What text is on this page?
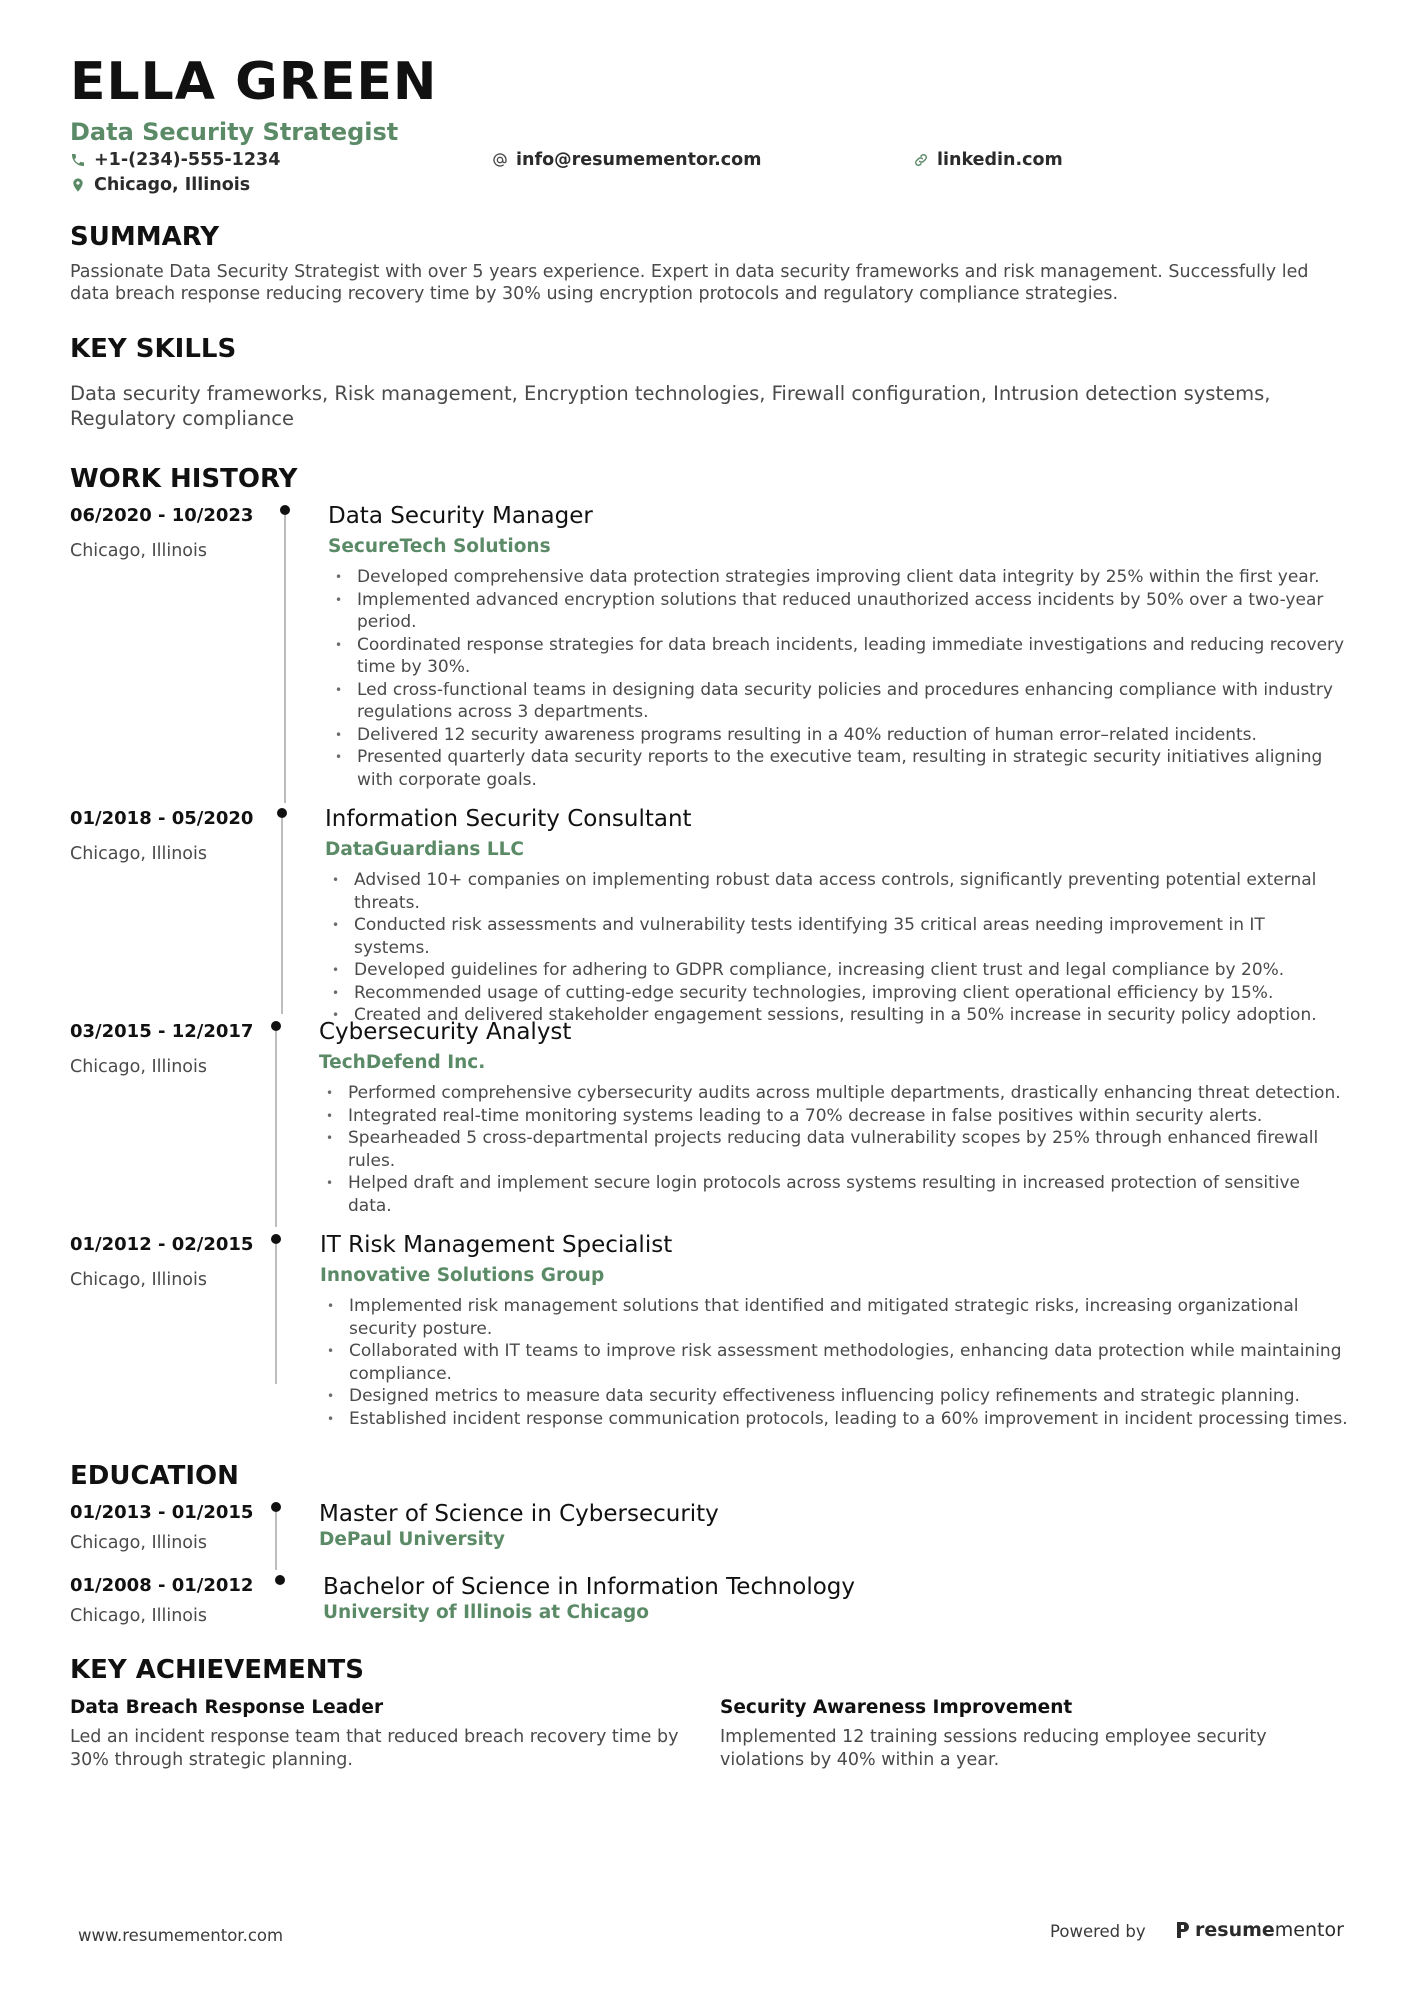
ELLA GREEN
Data Security Strategist
+1-(234)-555-1234	info@resumementor.com	linkedin.com
Chicago, Illinois
SUMMARY
Passionate Data Security Strategist with over 5 years experience. Expert in data security frameworks and risk management. Successfully led data breach response reducing recovery time by 30% using encryption protocols and regulatory compliance strategies.
KEY SKILLS
Data security frameworks, Risk management, Encryption technologies, Firewall configuration, Intrusion detection systems, Regulatory compliance
WORK HISTORY
06/2020 - 10/2023
Chicago, Illinois
Data Security Manager
SecureTech Solutions
• Developed comprehensive data protection strategies improving client data integrity by 25% within the first year.
• Implemented advanced encryption solutions that reduced unauthorized access incidents by 50% over a two-year period.
• Coordinated response strategies for data breach incidents, leading immediate investigations and reducing recovery time by 30%.
• Led cross-functional teams in designing data security policies and procedures enhancing compliance with industry regulations across 3 departments.
• Delivered 12 security awareness programs resulting in a 40% reduction of human error–related incidents.
• Presented quarterly data security reports to the executive team, resulting in strategic security initiatives aligning with corporate goals.
01/2018 - 05/2020
Chicago, Illinois
Information Security Consultant
DataGuardians LLC
• Advised 10+ companies on implementing robust data access controls, significantly preventing potential external threats.
• Conducted risk assessments and vulnerability tests identifying 35 critical areas needing improvement in IT systems.
• Developed guidelines for adhering to GDPR compliance, increasing client trust and legal compliance by 20%.
• Recommended usage of cutting-edge security technologies, improving client operational efficiency by 15%.
• Created and delivered stakeholder engagement sessions, resulting in a 50% increase in security policy adoption.
03/2015 - 12/2017
Chicago, Illinois
Cybersecurity Analyst
TechDefend Inc.
• Performed comprehensive cybersecurity audits across multiple departments, drastically enhancing threat detection.
• Integrated real-time monitoring systems leading to a 70% decrease in false positives within security alerts.
• Spearheaded 5 cross-departmental projects reducing data vulnerability scopes by 25% through enhanced firewall rules.
• Helped draft and implement secure login protocols across systems resulting in increased protection of sensitive data.
01/2012 - 02/2015
Chicago, Illinois
IT Risk Management Specialist
Innovative Solutions Group
• Implemented risk management solutions that identified and mitigated strategic risks, increasing organizational security posture.
• Collaborated with IT teams to improve risk assessment methodologies, enhancing data protection while maintaining compliance.
• Designed metrics to measure data security effectiveness influencing policy refinements and strategic planning.
• Established incident response communication protocols, leading to a 60% improvement in incident processing times.
EDUCATION
01/2013 - 01/2015
Chicago, Illinois
Master of Science in Cybersecurity
DePaul University
01/2008 - 01/2012
Chicago, Illinois
Bachelor of Science in Information Technology
University of Illinois at Chicago
KEY ACHIEVEMENTS
Data Breach Response Leader
Led an incident response team that reduced breach recovery time by 30% through strategic planning.
Security Awareness Improvement
Implemented 12 training sessions reducing employee security violations by 40% within a year.
www.resumementor.com	Powered by	resumementor
